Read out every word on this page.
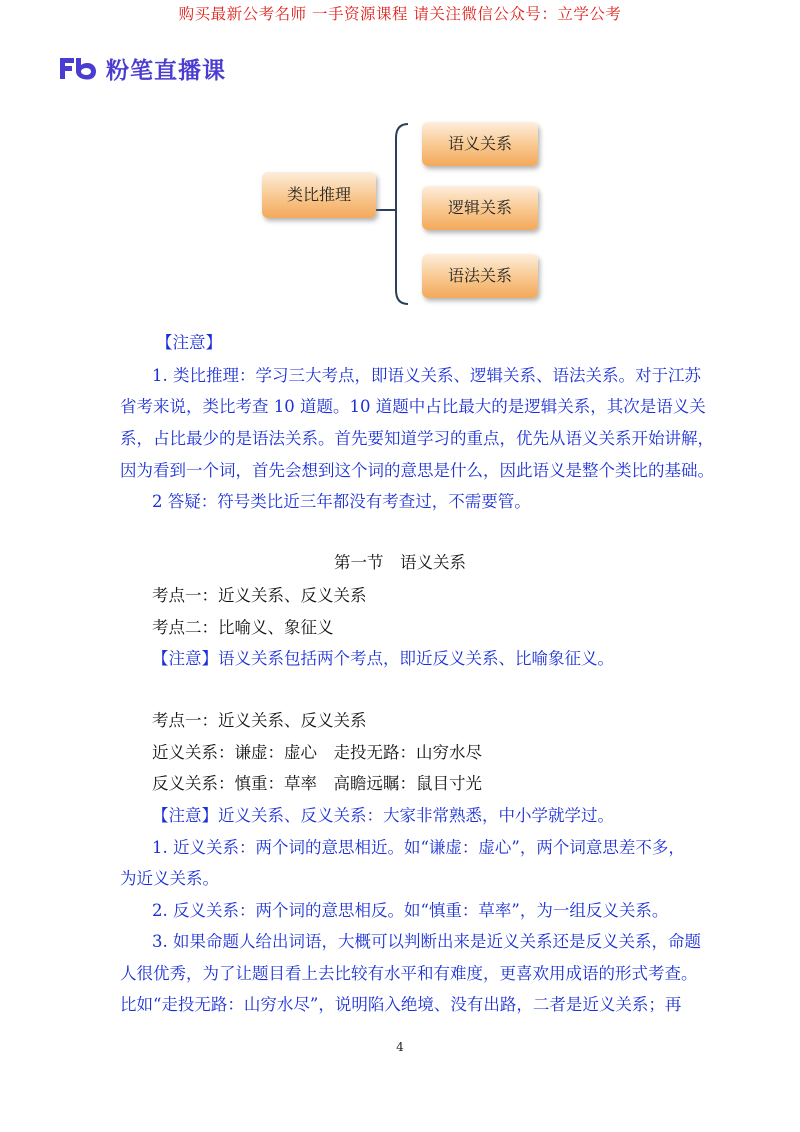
购买最新公考名师 一手资源课程 请关注微信公众号：立学公考
粉笔直播课
类比推理
语义关系
逻辑关系
语法关系
【注意】
1. 类比推理：学习三大考点，即语义关系、逻辑关系、语法关系。对于江苏
省考来说，类比考查 10 道题。10 道题中占比最大的是逻辑关系，其次是语义关
系，占比最少的是语法关系。首先要知道学习的重点，优先从语义关系开始讲解，
因为看到一个词，首先会想到这个词的意思是什么，因此语义是整个类比的基础。
2 答疑：符号类比近三年都没有考查过，不需要管。
第一节　语义关系
考点一：近义关系、反义关系
考点二：比喻义、象征义
【注意】语义关系包括两个考点，即近反义关系、比喻象征义。
考点一：近义关系、反义关系
近义关系：谦虚：虚心　走投无路：山穷水尽
反义关系：慎重：草率　高瞻远瞩：鼠目寸光
【注意】近义关系、反义关系：大家非常熟悉，中小学就学过。
1. 近义关系：两个词的意思相近。如“谦虚：虚心”，两个词意思差不多，
为近义关系。
2. 反义关系：两个词的意思相反。如“慎重：草率”，为一组反义关系。
3. 如果命题人给出词语，大概可以判断出来是近义关系还是反义关系，命题
人很优秀，为了让题目看上去比较有水平和有难度，更喜欢用成语的形式考查。
比如“走投无路：山穷水尽”，说明陷入绝境、没有出路，二者是近义关系；再
4
